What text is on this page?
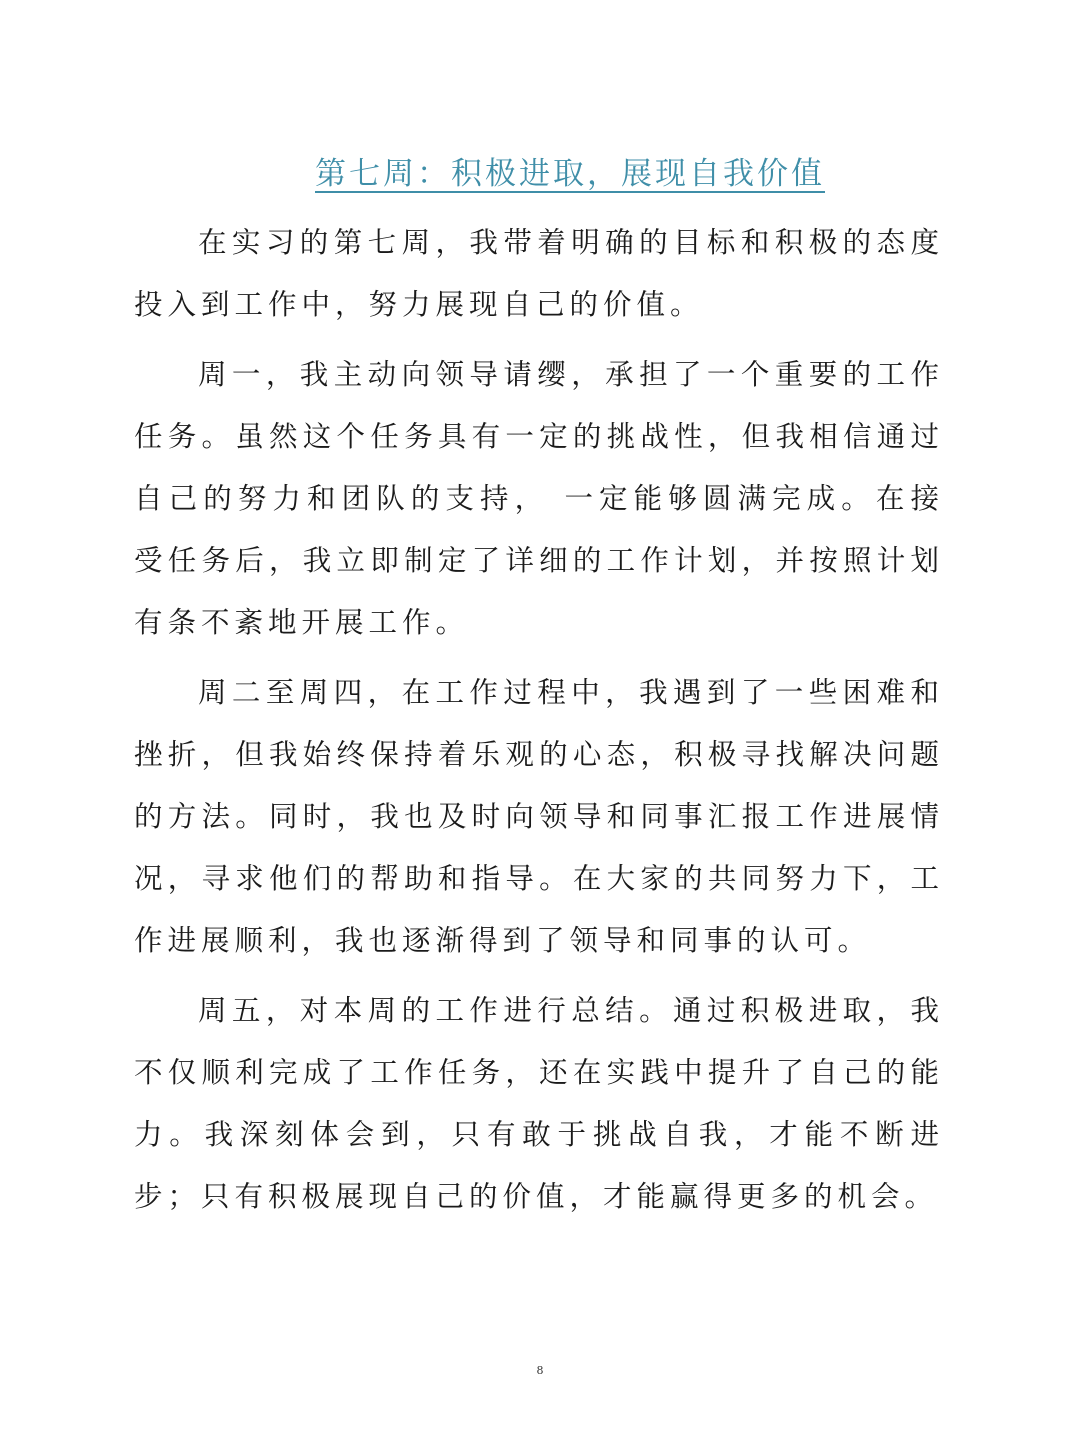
第七周：积极进取，展现自我价值

在实习的第七周，我带着明确的目标和积极的态度投入到工作中，努力展现自己的价值。

周一，我主动向领导请缨，承担了一个重要的工作任务。虽然这个任务具有一定的挑战性，但我相信通过自己的努力和团队的支持， 一定能够圆满完成。在接受任务后，我立即制定了详细的工作计划，并按照计划有条不紊地开展工作。

周二至周四，在工作过程中，我遇到了一些困难和挫折，但我始终保持着乐观的心态，积极寻找解决问题的方法。同时，我也及时向领导和同事汇报工作进展情况，寻求他们的帮助和指导。在大家的共同努力下，工作进展顺利，我也逐渐得到了领导和同事的认可。

周五，对本周的工作进行总结。通过积极进取，我不仅顺利完成了工作任务，还在实践中提升了自己的能力。我深刻体会到，只有敢于挑战自我，才能不断进步；只有积极展现自己的价值，才能赢得更多的机会。

8
